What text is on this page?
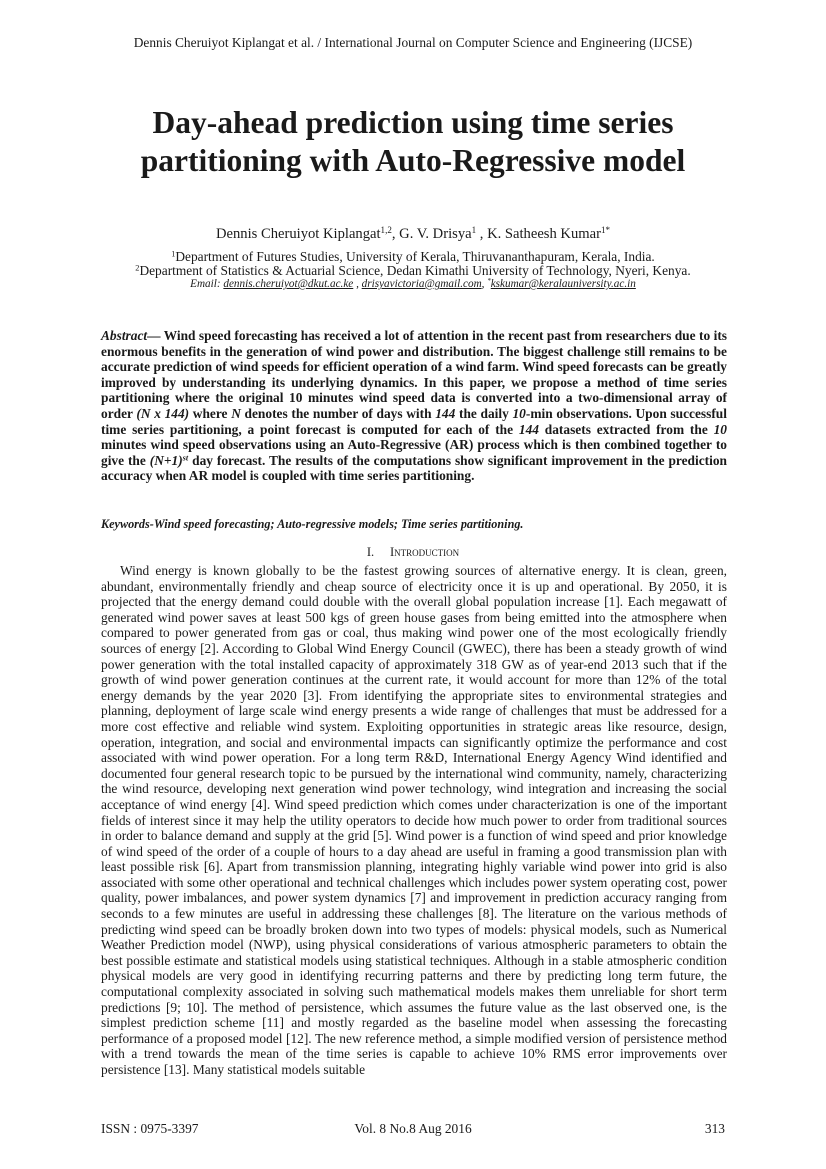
Dennis Cheruiyot Kiplangat et al. / International Journal on Computer Science and Engineering (IJCSE)
Day-ahead prediction using time series
partitioning with Auto-Regressive model
Dennis Cheruiyot Kiplangat$^{1,2}$, G. V. Drisya$^1$ , K. Satheesh Kumar$^{1*}$
$^1$Department of Futures Studies, University of Kerala, Thiruvananthapuram, Kerala, India.
$^2$Department of Statistics & Actuarial Science, Dedan Kimathi University of Technology, Nyeri, Kenya.
Email: dennis.cheruiyot@dkut.ac.ke , drisyavictoria@gmail.com, *kskumar@keralauniversity.ac.in

Abstract— Wind speed forecasting has received a lot of attention in the recent past from researchers due to its enormous benefits in the generation of wind power and distribution. The biggest challenge still remains to be accurate prediction of wind speeds for efficient operation of a wind farm. Wind speed forecasts can be greatly improved by understanding its underlying dynamics. In this paper, we propose a method of time series partitioning where the original 10 minutes wind speed data is converted into a two-dimensional array of order (N x 144) where N denotes the number of days with 144 the daily 10-min observations. Upon successful time series partitioning, a point forecast is computed for each of the 144 datasets extracted from the 10 minutes wind speed observations using an Auto-Regressive (AR) process which is then combined together to give the $(N+1)^{st}$ day forecast. The results of the computations show significant improvement in the prediction accuracy when AR model is coupled with time series partitioning.

Keywords-Wind speed forecasting; Auto-regressive models; Time series partitioning.

I. Introduction

Wind energy is known globally to be the fastest growing sources of alternative energy. It is clean, green, abundant, environmentally friendly and cheap source of electricity once it is up and operational. By 2050, it is projected that the energy demand could double with the overall global population increase [1]. Each megawatt of generated wind power saves at least 500 kgs of green house gases from being emitted into the atmosphere when compared to power generated from gas or coal, thus making wind power one of the most ecologically friendly sources of energy [2]. According to Global Wind Energy Council (GWEC), there has been a steady growth of wind power generation with the total installed capacity of approximately 318 GW as of year-end 2013 such that if the growth of wind power generation continues at the current rate, it would account for more than 12% of the total energy demands by the year 2020 [3]. From identifying the appropriate sites to environmental strategies and planning, deployment of large scale wind energy presents a wide range of challenges that must be addressed for a more cost effective and reliable wind system. Exploiting opportunities in strategic areas like resource, design, operation, integration, and social and environmental impacts can significantly optimize the performance and cost associated with wind power operation. For a long term R&D, International Energy Agency Wind identified and documented four general research topic to be pursued by the international wind community, namely, characterizing the wind resource, developing next generation wind power technology, wind integration and increasing the social acceptance of wind energy [4]. Wind speed prediction which comes under characterization is one of the important fields of interest since it may help the utility operators to decide how much power to order from traditional sources in order to balance demand and supply at the grid [5]. Wind power is a function of wind speed and prior knowledge of wind speed of the order of a couple of hours to a day ahead are useful in framing a good transmission plan with least possible risk [6]. Apart from transmission planning, integrating highly variable wind power into grid is also associated with some other operational and technical challenges which includes power system operating cost, power quality, power imbalances, and power system dynamics [7] and improvement in prediction accuracy ranging from seconds to a few minutes are useful in addressing these challenges [8]. The literature on the various methods of predicting wind speed can be broadly broken down into two types of models: physical models, such as Numerical Weather Prediction model (NWP), using physical considerations of various atmospheric parameters to obtain the best possible estimate and statistical models using statistical techniques. Although in a stable atmospheric condition physical models are very good in identifying recurring patterns and there by predicting long term future, the computational complexity associated in solving such mathematical models makes them unreliable for short term predictions [9; 10]. The method of persistence, which assumes the future value as the last observed one, is the simplest prediction scheme [11] and mostly regarded as the baseline model when assessing the forecasting performance of a proposed model [12]. The new reference method, a simple modified version of persistence method with a trend towards the mean of the time series is capable to achieve 10% RMS error improvements over persistence [13]. Many statistical models suitable

ISSN : 0975-3397	Vol. 8 No.8 Aug 2016	313
